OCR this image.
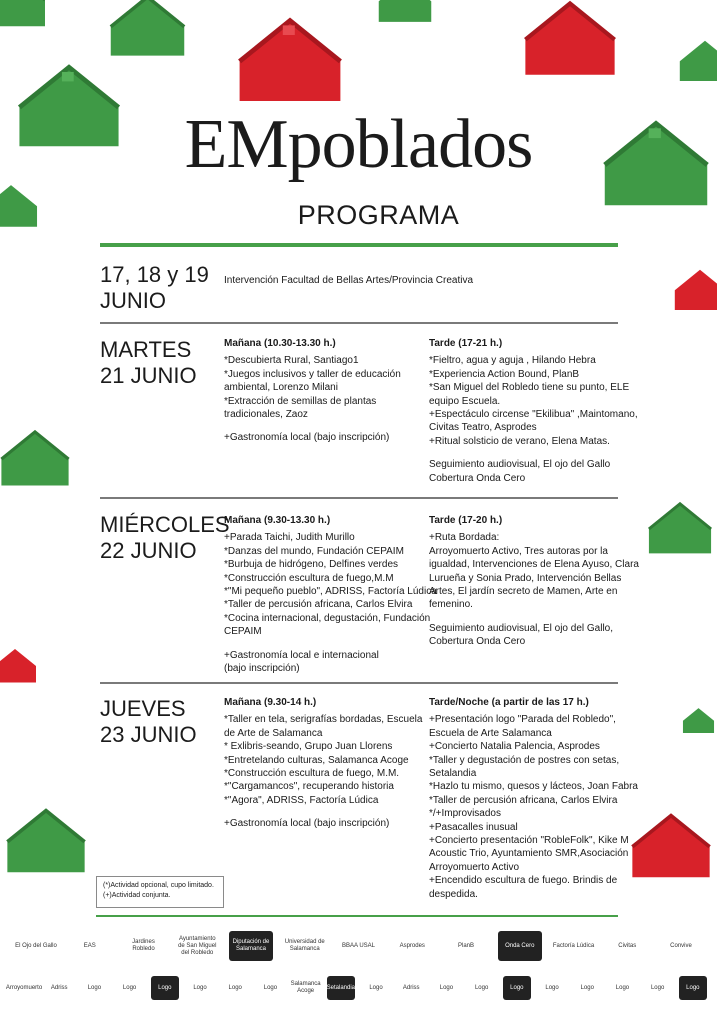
EMpoblados
PROGRAMA
17, 18 y 19
JUNIO
Intervención Facultad de Bellas Artes/Provincia Creativa
MARTES
21 JUNIO
Mañana (10.30-13.30 h.)
*Descubierta Rural, Santiago1
*Juegos inclusivos y taller de educación
ambiental, Lorenzo Milani
*Extracción de semillas de plantas
tradicionales, Zaoz
+Gastronomía local (bajo inscripción)
Tarde (17-21 h.)
*Fieltro, agua y aguja , Hilando Hebra
*Experiencia Action Bound, PlanB
*San Miguel del Robledo tiene su punto, ELE
equipo Escuela.
+Espectáculo circense "Ekilibua" ,Maintomano,
Civitas Teatro, Asprodes
+Ritual solsticio de verano, Elena Matas.
Seguimiento audiovisual, El ojo del Gallo
Cobertura Onda Cero
MIÉRCOLES
22 JUNIO
Mañana (9.30-13.30 h.)
+Parada Taichi, Judith Murillo
*Danzas del mundo, Fundación CEPAIM
*Burbuja de hidrógeno, Delfines verdes
*Construcción escultura de fuego,M.M
*"Mi pequeño pueblo", ADRISS, Factoría Lúdica
*Taller de percusión africana, Carlos Elvira
*Cocina internacional, degustación, Fundación
CEPAIM
+Gastronomía local e internacional
(bajo inscripción)
Tarde (17-20 h.)
+Ruta Bordada:
Arroyomuerto Activo, Tres autoras por la
igualdad, Intervenciones de Elena Ayuso, Clara
Lurueña y Sonia Prado, Intervención Bellas
Artes, El jardín secreto de Mamen, Arte en
femenino.
Seguimiento audiovisual, El ojo del Gallo,
Cobertura Onda Cero
JUEVES
23 JUNIO
Mañana (9.30-14 h.)
*Taller en tela, serigrafías bordadas, Escuela
de Arte de Salamanca
* Exlibris-seando, Grupo Juan Llorens
*Entretelando culturas, Salamanca Acoge
*Construcción escultura de fuego, M.M.
*"Cargamancos", recuperando historia
*"Agora", ADRISS, Factoría Lúdica
+Gastronomía local (bajo inscripción)
Tarde/Noche (a partir de las 17 h.)
+Presentación logo "Parada del Robledo",
Escuela de Arte Salamanca
+Concierto Natalia Palencia, Asprodes
*Taller y degustación de postres con setas,
Setalandia
*Hazlo tu mismo, quesos y lácteos, Joan Fabra
*Taller de percusión africana, Carlos Elvira
*/+Improvisados
+Pasacalles inusual
+Concierto presentación "RobleFolk", Kike M
Acoustic Trio, Ayuntamiento SMR,Asociación
Arroyomuerto Activo
+Encendido escultura de fuego. Brindis de
despedida.
(*)Actividad opcional, cupo limitado.
(+)Actividad conjunta.
El Ojo del Gallo	EAS
Jardines Robledo
Ayuntamiento de San Miguel del Robledo
Diputación de Salamanca
Universidad de Salamanca
BBAA USAL	Asprodes	PlanB	Onda Cero	Factoría Lúdica	Civitas	Convive
Arroyomuerto	Adriss	Logo	Logo	Logo	Logo	Logo	Logo
Salamanca Acoge
Setalandia	Logo	Adriss	Logo	Logo	Logo	Logo	Logo	Logo	Logo	Logo
